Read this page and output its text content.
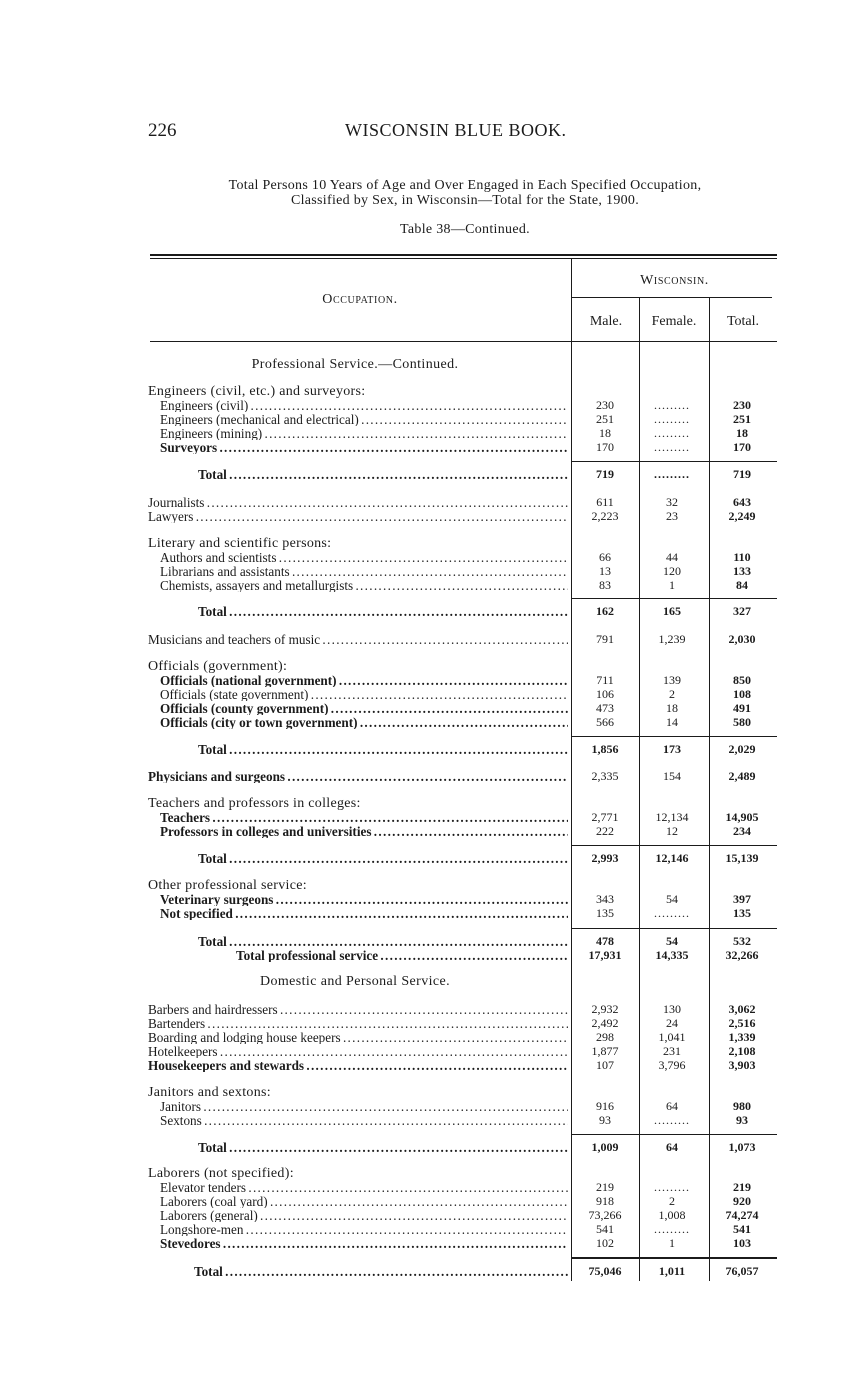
226	WISCONSIN BLUE BOOK.
Total Persons 10 Years of Age and Over Engaged in Each Specified Occupation,
Classified by Sex, in Wisconsin—Total for the State, 1900.
Table 38—Continued.
Occupation.
Wisconsin.
Male.	Female.	Total.
Professional Service.—Continued.
Engineers (civil, etc.) and surveyors:
Engineers (civil) . . .	230	.........	230
Engineers (mechanical and electrical) . . .	251	.........	251
Engineers (mining) . . .	18	.........	18
Surveyors . . .	170	.........	170
Total . . .	719	.........	719
Journalists . . .	611	32	643
Lawyers . . .	2,223	23	2,249
Literary and scientific persons:
Authors and scientists . . .	66	44	110
Librarians and assistants . . .	13	120	133
Chemists, assayers and metallurgists . . .	83	1	84
Total . . .	162	165	327
Musicians and teachers of music . . .	791	1,239	2,030
Officials (government):
Officials (national government) . . .	711	139	850
Officials (state government) . . .	106	2	108
Officials (county government) . . .	473	18	491
Officials (city or town government) . . .	566	14	580
Total . . .	1,856	173	2,029
Physicians and surgeons . . .	2,335	154	2,489
Teachers and professors in colleges:
Teachers . . .	2,771	12,134	14,905
Professors in colleges and universities . . .	222	12	234
Total . . .	2,993	12,146	15,139
Other professional service:
Veterinary surgeons . . .	343	54	397
Not specified . . .	135	.........	135
Total . . .	478	54	532
Total professional service . . .	17,931	14,335	32,266
Domestic and Personal Service.
Barbers and hairdressers . . .	2,932	130	3,062
Bartenders . . .	2,492	24	2,516
Boarding and lodging house keepers . . .	298	1,041	1,339
Hotelkeepers . . .	1,877	231	2,108
Housekeepers and stewards . . .	107	3,796	3,903
Janitors and sextons:
Janitors . . .	916	64	980
Sextons . . .	93	.........	93
Total . . .	1,009	64	1,073
Laborers (not specified):
Elevator tenders . . .	219	.........	219
Laborers (coal yard) . . .	918	2	920
Laborers (general) . . .	73,266	1,008	74,274
Longshore-men . . .	541	.........	541
Stevedores . . .	102	1	103
Total . . .	75,046	1,011	76,057
